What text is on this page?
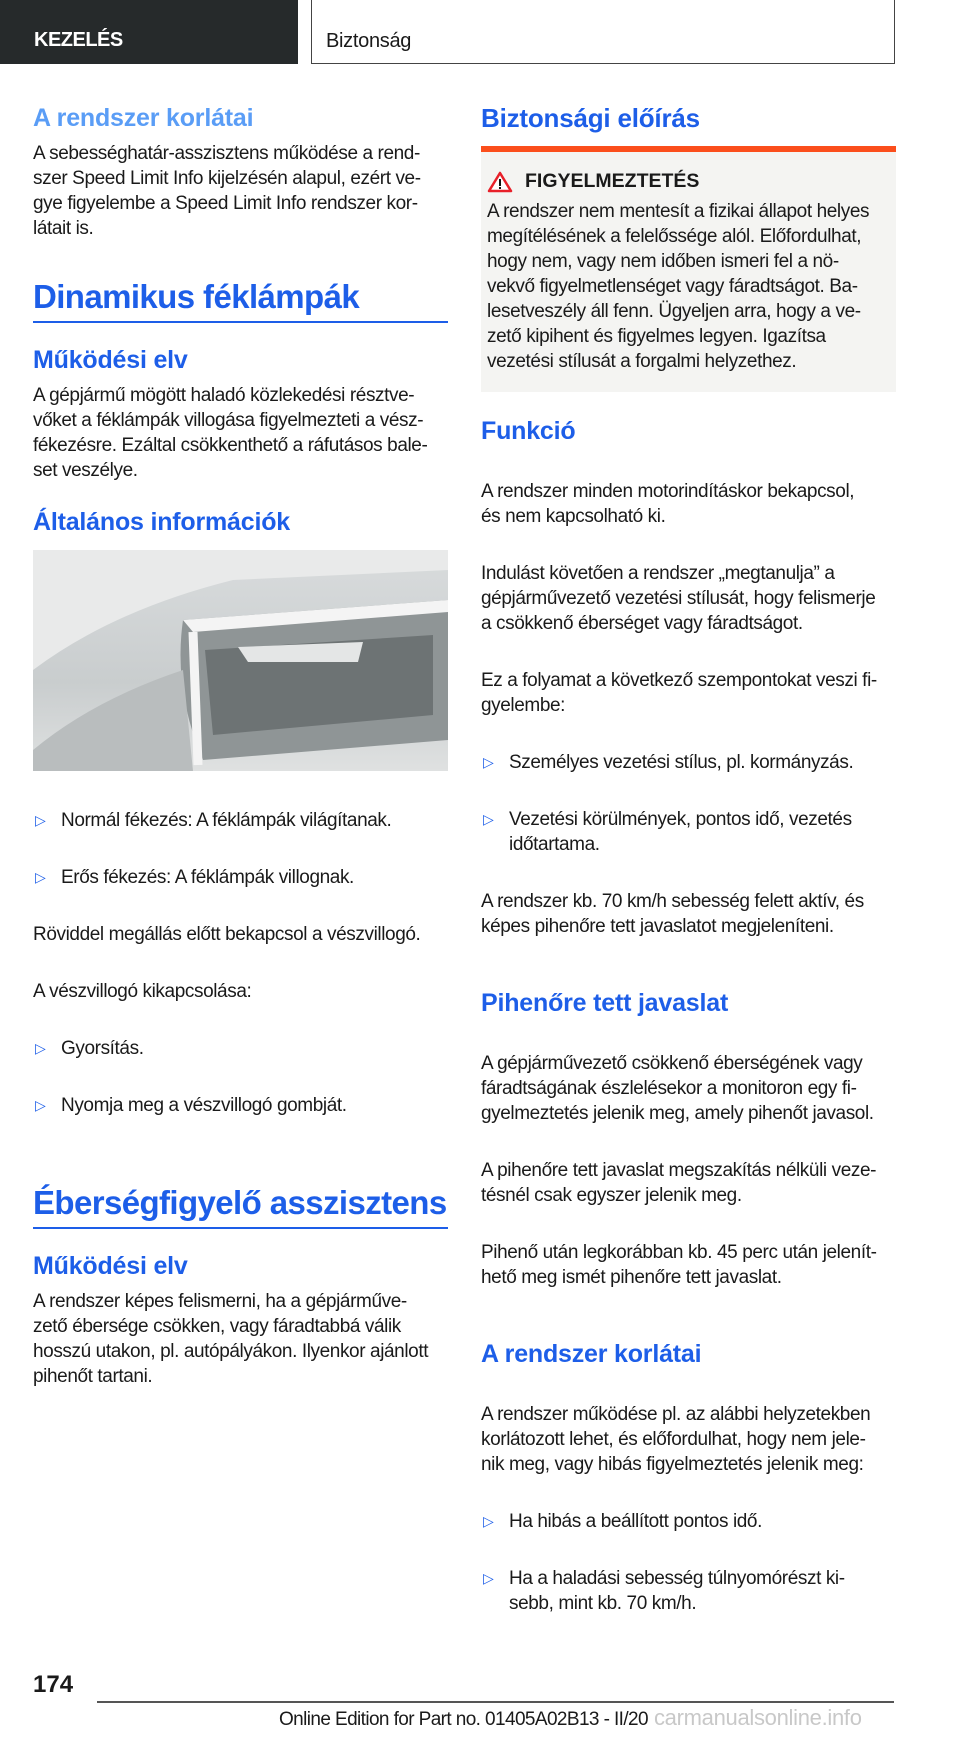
KEZELÉS	Biztonság
A rendszer korlátai
A sebességhatár-asszisztens működése a rend-
szer Speed Limit Info kijelzésén alapul, ezért ve-
gye figyelembe a Speed Limit Info rendszer kor-
látait is.
Dinamikus féklámpák
Működési elv
A gépjármű mögött haladó közlekedési résztve-
vőket a féklámpák villogása figyelmezteti a vész-
fékezésre. Ezáltal csökkenthető a ráfutásos bale-
set veszélye.
Általános információk

▷ Normál fékezés: A féklámpák világítanak.

▷ Erős fékezés: A féklámpák villognak.

Röviddel megállás előtt bekapcsol a vészvillogó.

A vészvillogó kikapcsolása:

▷ Gyorsítás.

▷ Nyomja meg a vészvillogó gombját.

Éberségfigyelő asszisztens
Működési elv
A rendszer képes felismerni, ha a gépjárműve-
zető ébersége csökken, vagy fáradtabbá válik
hosszú utakon, pl. autópályákon. Ilyenkor ajánlott
pihenőt tartani.
Biztonsági előírás
FIGYELMEZTETÉS
A rendszer nem mentesít a fizikai állapot helyes
megítélésének a felelőssége alól. Előfordulhat,
hogy nem, vagy nem időben ismeri fel a nö-
vekvő figyelmetlenséget vagy fáradtságot. Ba-
lesetveszély áll fenn. Ügyeljen arra, hogy a ve-
zető kipihent és figyelmes legyen. Igazítsa
vezetési stílusát a forgalmi helyzethez.
Funkció

A rendszer minden motorindításkor bekapcsol,
és nem kapcsolható ki.

Indulást követően a rendszer „megtanulja” a
gépjárművezető vezetési stílusát, hogy felismerje
a csökkenő éberséget vagy fáradtságot.

Ez a folyamat a következő szempontokat veszi fi-
gyelembe:

▷ Személyes vezetési stílus, pl. kormányzás.

▷ Vezetési körülmények, pontos idő, vezetés
időtartama.

A rendszer kb. 70 km/h sebesség felett aktív, és
képes pihenőre tett javaslatot megjeleníteni.

Pihenőre tett javaslat

A gépjárművezető csökkenő éberségének vagy
fáradtságának észlelésekor a monitoron egy fi-
gyelmeztetés jelenik meg, amely pihenőt javasol.

A pihenőre tett javaslat megszakítás nélküli veze-
tésnél csak egyszer jelenik meg.

Pihenő után legkorábban kb. 45 perc után jelenít-
hető meg ismét pihenőre tett javaslat.

A rendszer korlátai

A rendszer működése pl. az alábbi helyzetekben
korlátozott lehet, és előfordulhat, hogy nem jele-
nik meg, vagy hibás figyelmeztetés jelenik meg:

▷ Ha hibás a beállított pontos idő.

▷ Ha a haladási sebesség túlnyomórészt ki-
sebb, mint kb. 70 km/h.

174
Online Edition for Part no. 01405A02B13 - II/20 carmanualsonline.info
